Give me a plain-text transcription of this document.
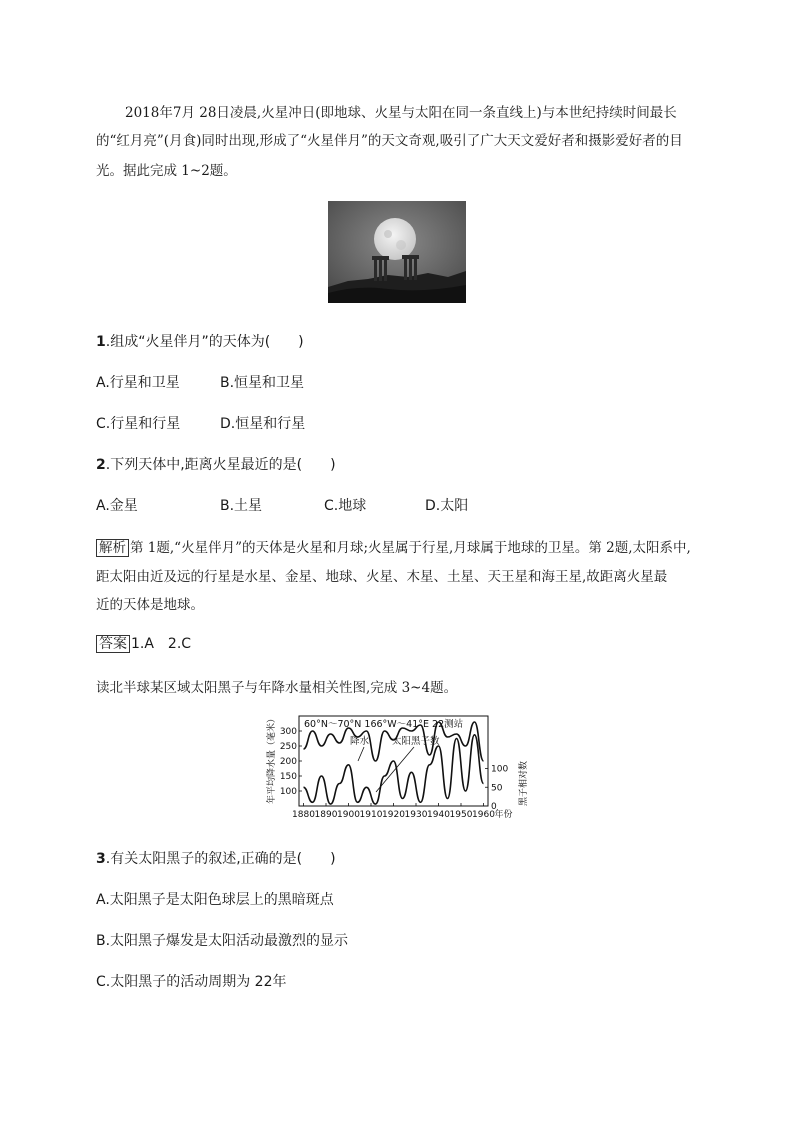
2018年7月 28日凌晨,火星冲日(即地球、火星与太阳在同一条直线上)与本世纪持续时间最长
的“红月亮”(月食)同时出现,形成了“火星伴月”的天文奇观,吸引了广大天文爱好者和摄影爱好者的目
光。据此完成 1~2题。
1.组成“火星伴月”的天体为(　　)
A.行星和卫星	B.恒星和卫星
C.行星和行星	D.恒星和行星
2.下列天体中,距离火星最近的是(　　)
A.金星	B.土星	C.地球	D.太阳
解析 第 1题,“火星伴月”的天体是火星和月球;火星属于行星,月球属于地球的卫星。第 2题,太阳系中,
距太阳由近及远的行星是水星、金星、地球、火星、木星、土星、天王星和海王星,故距离火星最
近的天体是地球。
答案 1.A　2.C
读北半球某区域太阳黑子与年降水量相关性图,完成 3~4题。
60°N～70°N 166°W～41°E 22测站
年平均降水量（毫米）	黑子相对数
降水 太阳黑子数
1880 1890 1900 1910 1920 1930 1940 1950 1960 年份
100
150
200
250
300
0
50
100
3.有关太阳黑子的叙述,正确的是(　　)
A.太阳黑子是太阳色球层上的黑暗斑点
B.太阳黑子爆发是太阳活动最激烈的显示
C.太阳黑子的活动周期为 22年
